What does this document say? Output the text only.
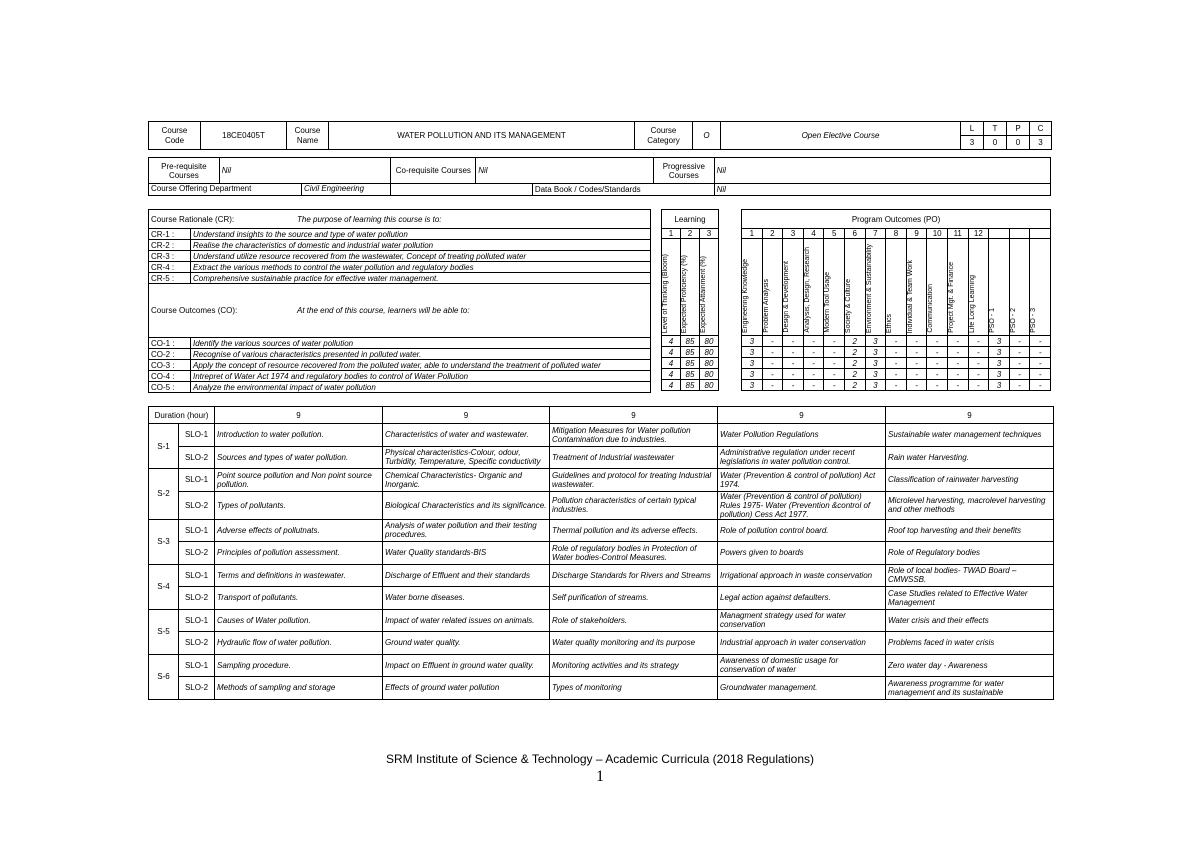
Course Code	18CE0405T	Course Name	WATER POLLUTION AND ITS MANAGEMENT	Course Category	O	Open Elective Course	L	T	P	C
							3	0	0	3
Pre-requisite Courses	Nil	Co-requisite Courses	Nil		Progressive Courses	Nil

Course Offering Department Civil Engineering				Data Book / Codes/Standards		Nil
Course Rationale (CR): The purpose of learning this course is to:	

CR-1 :	Understand insights to the source and type of water pollution
CR-2 :	Realise the characteristics of domestic and industrial water pollution
CR-3 :	Understand utilize resource recovered from the wastewater, Concept of treating polluted water
CR-4 :	Extract the various methods to control the water pollution and regulatory bodies
CR-5 :	Comprehensive sustainable practice for effective water management.

Course Outcomes (CO): At the end of this course, learners will be able to:	

CO-1 :	Identify the various sources of water pollution
CO-2 :	Recognise of various characteristics presented in polluted water.
CO-3 :	Apply the concept of resource recovered from the polluted water, able to understand the treatment of polluted water
CO-4 :	Intrepret of Water Act 1974 and regulatory bodies to control of Water Pollution
CO-5 :	Analyze the environmental impact of water pollution
Learning		
1	2	3

Level of Thinking (Bloom)	Expected Proficiency (%)	Expected Attainment (%)

4	85	80
4	85	80
4	85	80
4	85	80
4	85	80
Program Outcomes (PO)														
1	2	3	4	5	6	7	8	9	10	11	12			

Engineering Knowledge	Problem Analysis	Design & Development	Analysis, Design, Research	Modern Tool Usage	Society & Culture	Environment & Sustainability	Ethics	Individual & Team Work	Communication	Project Mgt. & Finance	Life Long Learning	PSO - 1	PSO - 2	PSO - 3

3	-	-	-	-	2	3	-	-	-	-	-	3	-	-
3	-	-	-	-	2	3	-	-	-	-	-	3	-	-
3	-	-	-	-	2	3	-	-	-	-	-	3	-	-
3	-	-	-	-	2	3	-	-	-	-	-	3	-	-
3	-	-	-	-	2	3	-	-	-	-	-	3	-	-
Duration (hour)		9	9	9	9	9
S-1	SLO-1	Introduction to water pollution.	Characteristics of water and wastewater.	Mitigation Measures for Water pollution Contamination due to industries.	Water Pollution Regulations	Sustainable water management techniques
	SLO-2	Sources and types of water pollution.	Physical characteristics-Colour, odour, Turbidity, Temperature, Specific conductivity	Treatment of Industrial wastewater	Administrative regulation under recent legislations in water pollution control.	Rain water Harvesting.
S-2	SLO-1	Point source pollution and Non point source pollution.	Chemical Characteristics- Organic and Inorganic.	Guidelines and protocol for treating Industrial wastewater.	Water (Prevention & control of pollution) Act 1974.	Classification of rainwater harvesting
	SLO-2	Types of pollutants.	Biological Characteristics and its significance.	Pollution characteristics of certain typical industries.	Water (Prevention & control of pollution) Rules 1975- Water (Prevention &control of pollution) Cess Act 1977.	Microlevel harvesting, macrolevel harvesting and other methods
S-3	SLO-1	Adverse effects of pollutnats.	Analysis of water pollution and their testing procedures.	Thermal pollution and its adverse effects.	Role of pollution control board.	Roof top harvesting and their benefits
	SLO-2	Principles of pollution assessment.	Water Quality standards-BIS	Role of regulatory bodies in Protection of Water bodies-Control Measures.	Powers given to boards	Role of Regulatory bodies
S-4	SLO-1	Terms and definitions in wastewater.	Discharge of Effluent and their standards	Discharge Standards for Rivers and Streams	Irrigational approach in waste conservation	Role of local bodies- TWAD Board – CMWSSB.
	SLO-2	Transport of pollutants.	Water borne diseases.	Self purification of streams.	Legal action against defaulters.	Case Studies related to Effective Water Management
S-5	SLO-1	Causes of Water pollution.	Impact of water related issues on animals.	Role of stakeholders.	Managment strategy used for water conservation	Water crisis and their effects
	SLO-2	Hydraulic flow of water pollution.	Ground water quality.	Water quality monitoring and its purpose	Industrial approach in water conservation	Problems faced in water crisis
S-6	SLO-1	Sampling procedure.	Impact on Effluent in ground water quality.	Monitoring activities and its strategy	Awareness of domestic usage for conservation of water	Zero water day - Awareness
	SLO-2	Methods of sampling and storage	Effects of ground water pollution	Types of monitoring	Groundwater management.	Awareness programme for water management and its sustainable
SRM Institute of Science & Technology – Academic Curricula (2018 Regulations)
1
